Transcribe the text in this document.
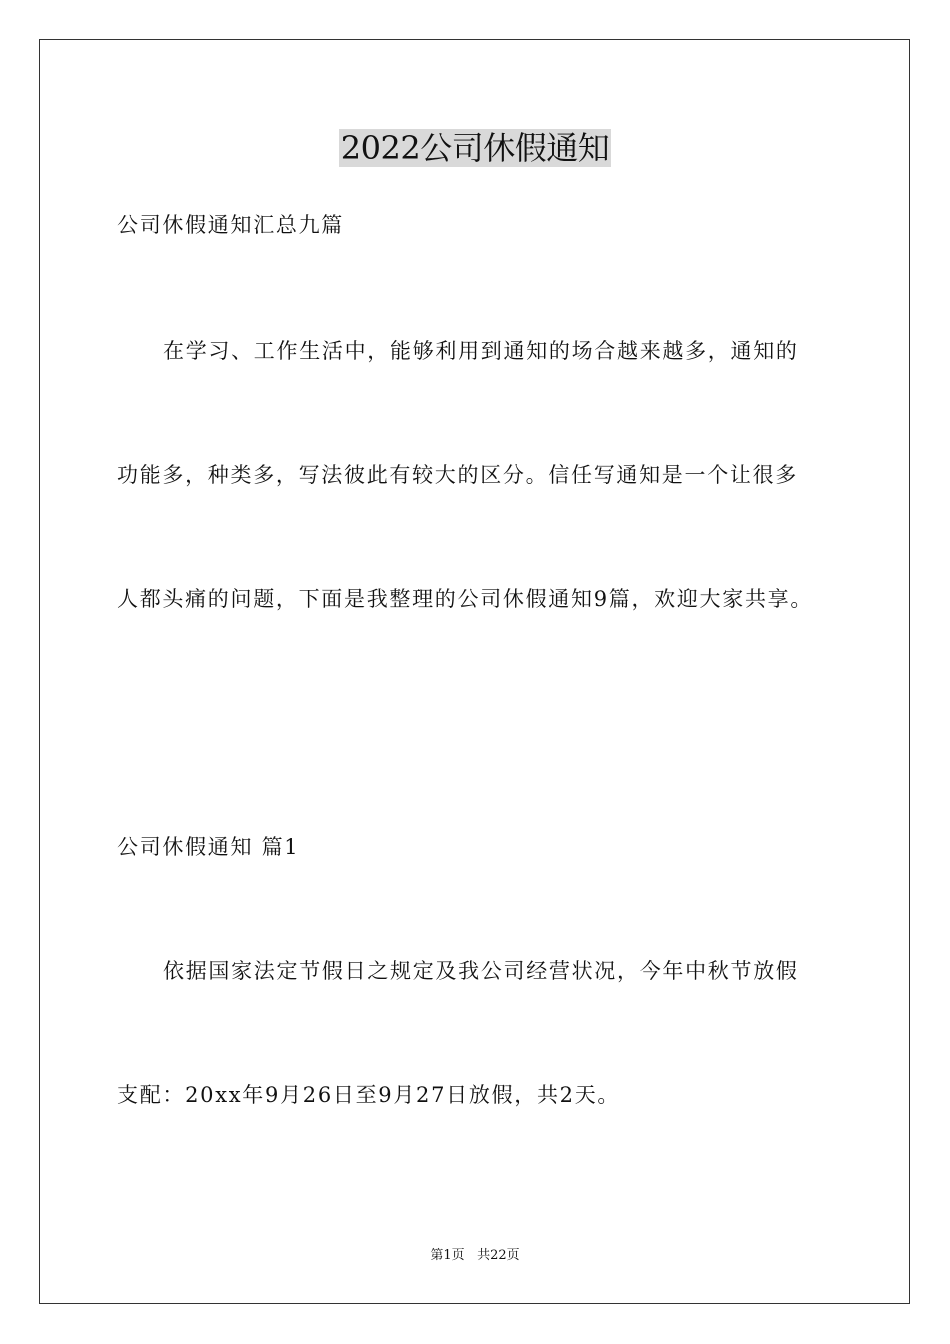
2022公司休假通知
公司休假通知汇总九篇
在学习、工作生活中，能够利用到通知的场合越来越多，通知的
功能多，种类多，写法彼此有较大的区分。信任写通知是一个让很多
人都头痛的问题，下面是我整理的公司休假通知9篇，欢迎大家共享。
公司休假通知 篇1
依据国家法定节假日之规定及我公司经营状况，今年中秋节放假
支配：20xx年9月26日至9月27日放假，共2天。
第1页 共22页
